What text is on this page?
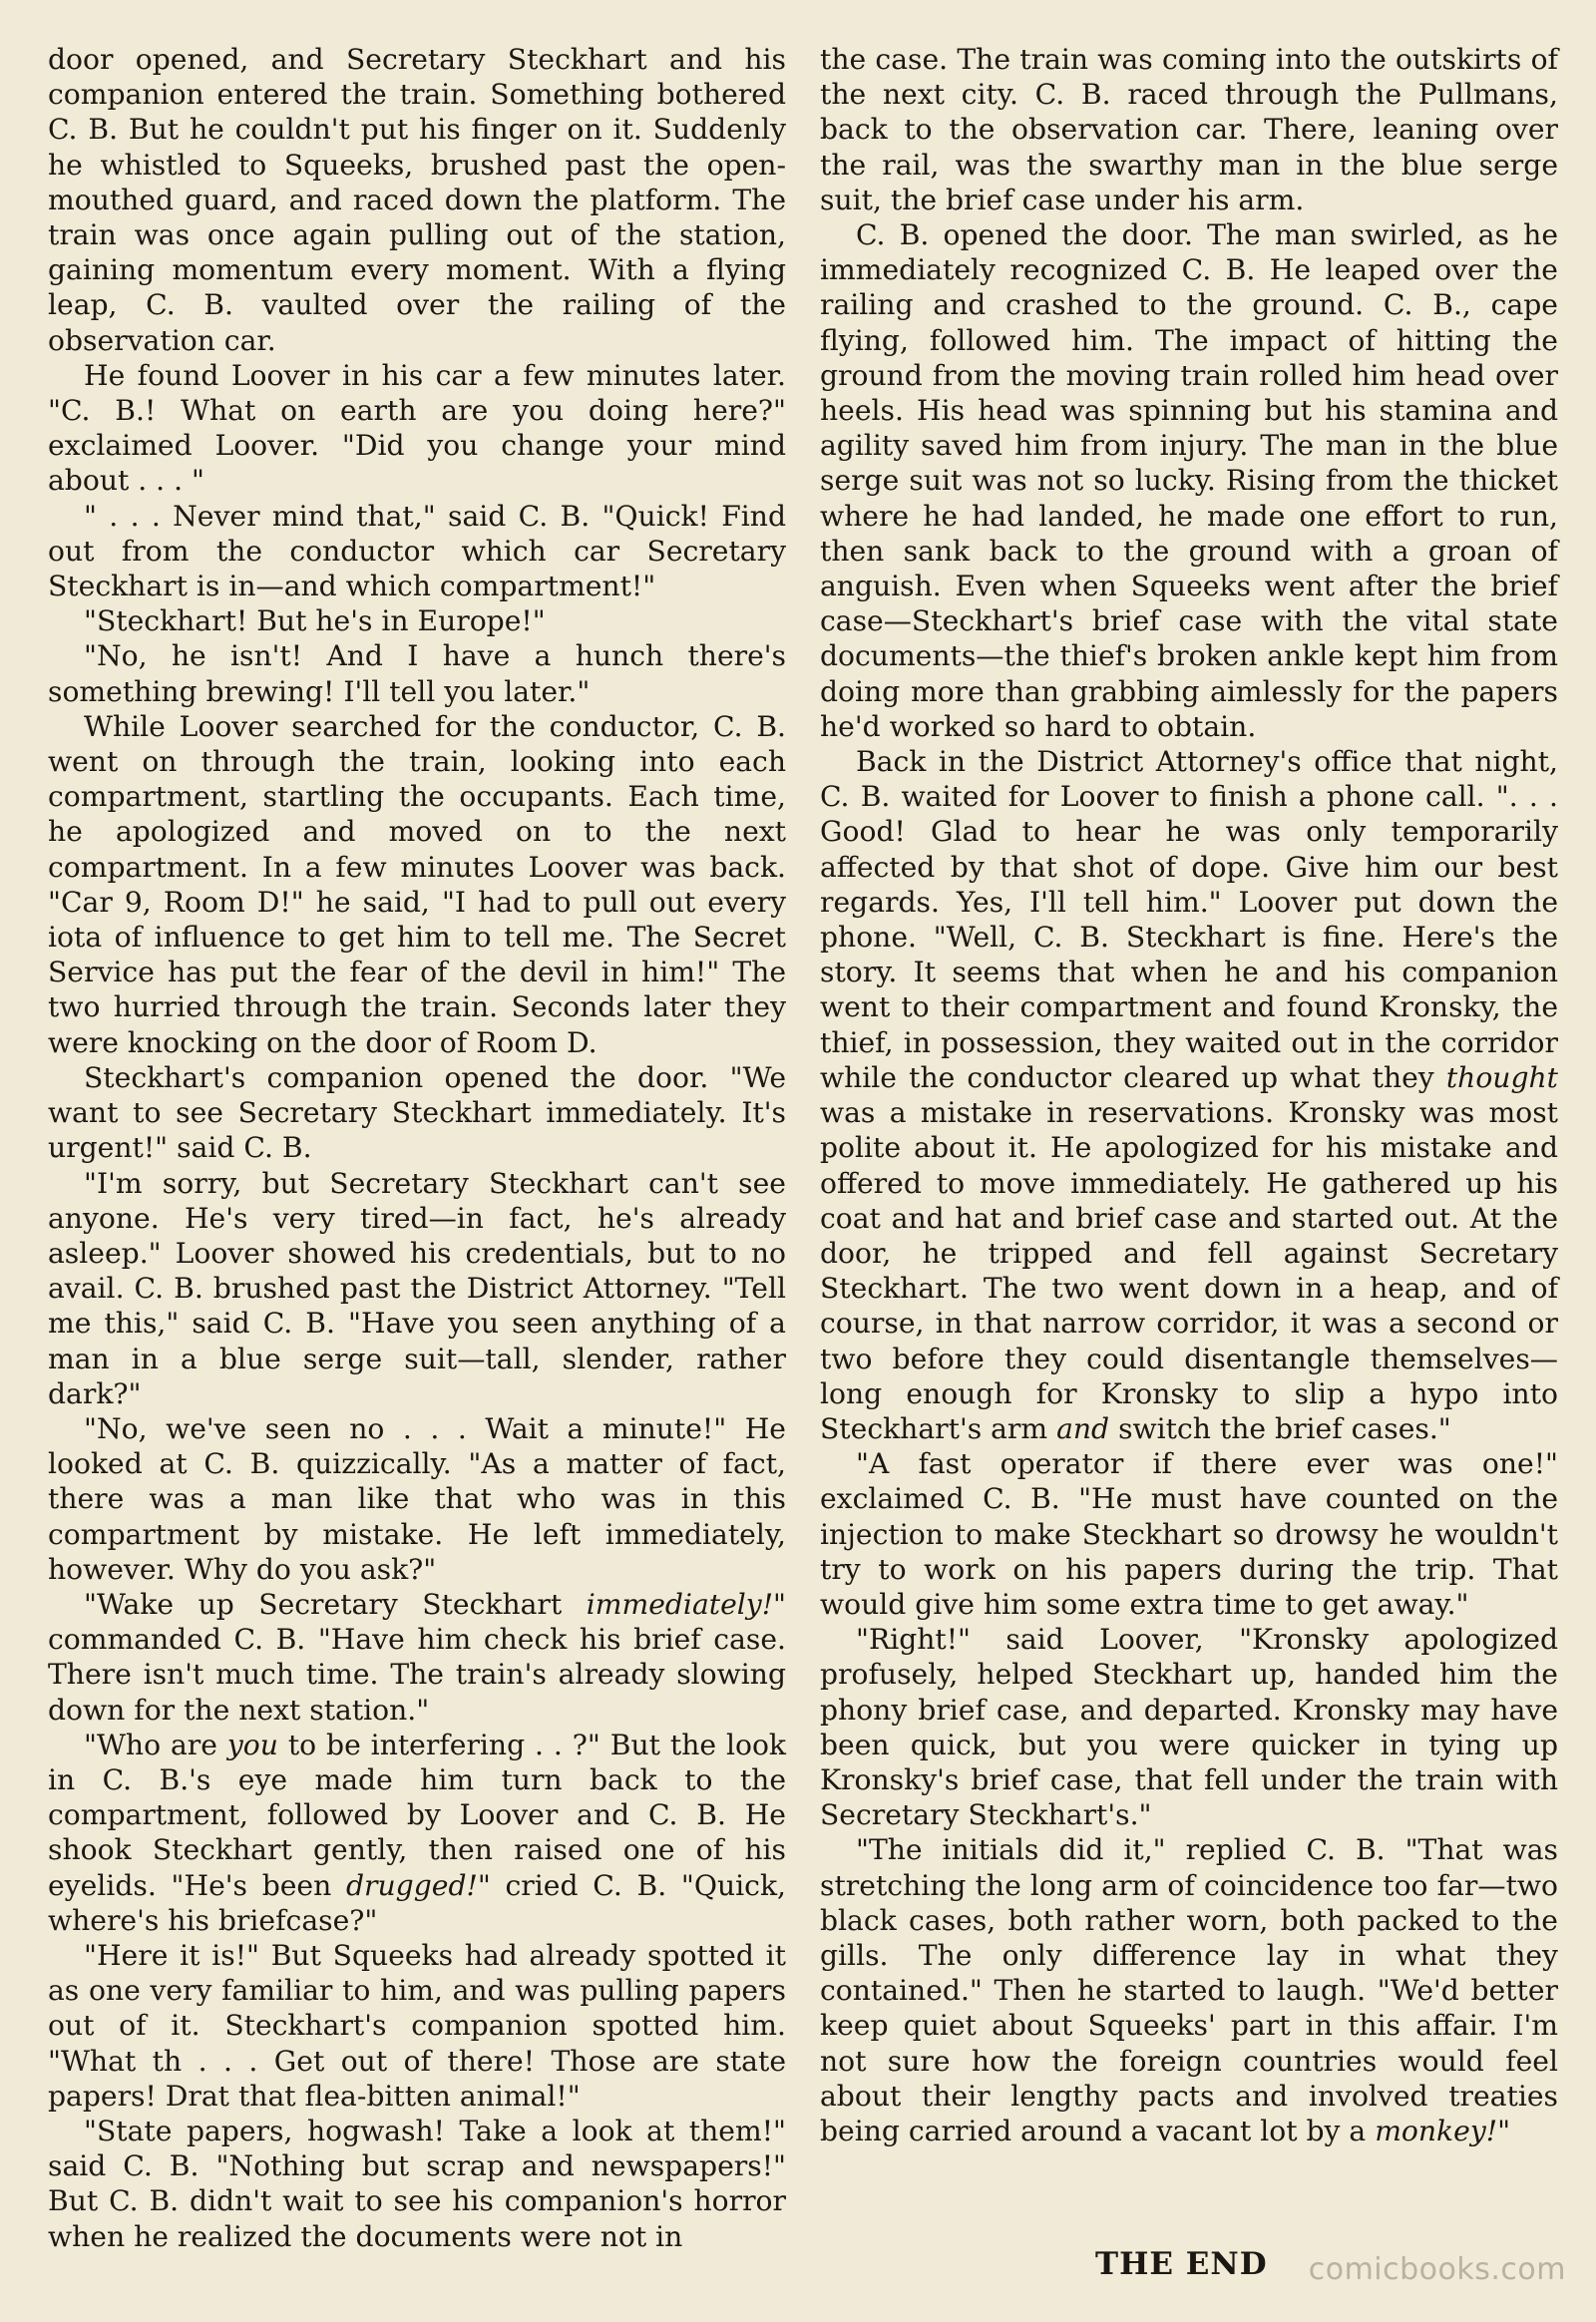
door opened, and Secretary Steckhart and his companion entered the train. Something bothered C. B. But he couldn't put his finger on it. Suddenly he whistled to Squeeks, brushed past the open-mouthed guard, and raced down the platform. The train was once again pulling out of the station, gaining momentum every moment. With a flying leap, C. B. vaulted over the railing of the observation car.

He found Loover in his car a few minutes later. "C. B.! What on earth are you doing here?" exclaimed Loover. "Did you change your mind about . . . "

" . . . Never mind that," said C. B. "Quick! Find out from the conductor which car Secretary Steckhart is in—and which compartment!"

"Steckhart! But he's in Europe!"

"No, he isn't! And I have a hunch there's something brewing! I'll tell you later."

While Loover searched for the conductor, C. B. went on through the train, looking into each compartment, startling the occupants. Each time, he apologized and moved on to the next compartment. In a few minutes Loover was back. "Car 9, Room D!" he said, "I had to pull out every iota of influence to get him to tell me. The Secret Service has put the fear of the devil in him!" The two hurried through the train. Seconds later they were knocking on the door of Room D.

Steckhart's companion opened the door. "We want to see Secretary Steckhart immediately. It's urgent!" said C. B.

"I'm sorry, but Secretary Steckhart can't see anyone. He's very tired—in fact, he's already asleep." Loover showed his credentials, but to no avail. C. B. brushed past the District Attorney. "Tell me this," said C. B. "Have you seen anything of a man in a blue serge suit—tall, slender, rather dark?"

"No, we've seen no . . . Wait a minute!" He looked at C. B. quizzically. "As a matter of fact, there was a man like that who was in this compartment by mistake. He left immediately, however. Why do you ask?"

"Wake up Secretary Steckhart immediately!" commanded C. B. "Have him check his brief case. There isn't much time. The train's already slowing down for the next station."

"Who are you to be interfering . . ?" But the look in C. B.'s eye made him turn back to the compartment, followed by Loover and C. B. He shook Steckhart gently, then raised one of his eyelids. "He's been drugged!" cried C. B. "Quick, where's his briefcase?"

"Here it is!" But Squeeks had already spotted it as one very familiar to him, and was pulling papers out of it. Steckhart's companion spotted him. "What th . . . Get out of there! Those are state papers! Drat that flea-bitten animal!"

"State papers, hogwash! Take a look at them!" said C. B. "Nothing but scrap and newspapers!" But C. B. didn't wait to see his companion's horror when he realized the documents were not in

the case. The train was coming into the outskirts of the next city. C. B. raced through the Pullmans, back to the observation car. There, leaning over the rail, was the swarthy man in the blue serge suit, the brief case under his arm.

C. B. opened the door. The man swirled, as he immediately recognized C. B. He leaped over the railing and crashed to the ground. C. B., cape flying, followed him. The impact of hitting the ground from the moving train rolled him head over heels. His head was spinning but his stamina and agility saved him from injury. The man in the blue serge suit was not so lucky. Rising from the thicket where he had landed, he made one effort to run, then sank back to the ground with a groan of anguish. Even when Squeeks went after the brief case—Steckhart's brief case with the vital state documents—the thief's broken ankle kept him from doing more than grabbing aimlessly for the papers he'd worked so hard to obtain.

Back in the District Attorney's office that night, C. B. waited for Loover to finish a phone call. ". . . Good! Glad to hear he was only temporarily affected by that shot of dope. Give him our best regards. Yes, I'll tell him." Loover put down the phone. "Well, C. B. Steckhart is fine. Here's the story. It seems that when he and his companion went to their compartment and found Kronsky, the thief, in possession, they waited out in the corridor while the conductor cleared up what they thought was a mistake in reservations. Kronsky was most polite about it. He apologized for his mistake and offered to move immediately. He gathered up his coat and hat and brief case and started out. At the door, he tripped and fell against Secretary Steckhart. The two went down in a heap, and of course, in that narrow corridor, it was a second or two before they could disentangle themselves—long enough for Kronsky to slip a hypo into Steckhart's arm and switch the brief cases."

"A fast operator if there ever was one!" exclaimed C. B. "He must have counted on the injection to make Steckhart so drowsy he wouldn't try to work on his papers during the trip. That would give him some extra time to get away."

"Right!" said Loover, "Kronsky apologized profusely, helped Steckhart up, handed him the phony brief case, and departed. Kronsky may have been quick, but you were quicker in tying up Kronsky's brief case, that fell under the train with Secretary Steckhart's."

"The initials did it," replied C. B. "That was stretching the long arm of coincidence too far—two black cases, both rather worn, both packed to the gills. The only difference lay in what they contained." Then he started to laugh. "We'd better keep quiet about Squeeks' part in this affair. I'm not sure how the foreign countries would feel about their lengthy pacts and involved treaties being carried around a vacant lot by a monkey!"

THE END comicbooks.com
